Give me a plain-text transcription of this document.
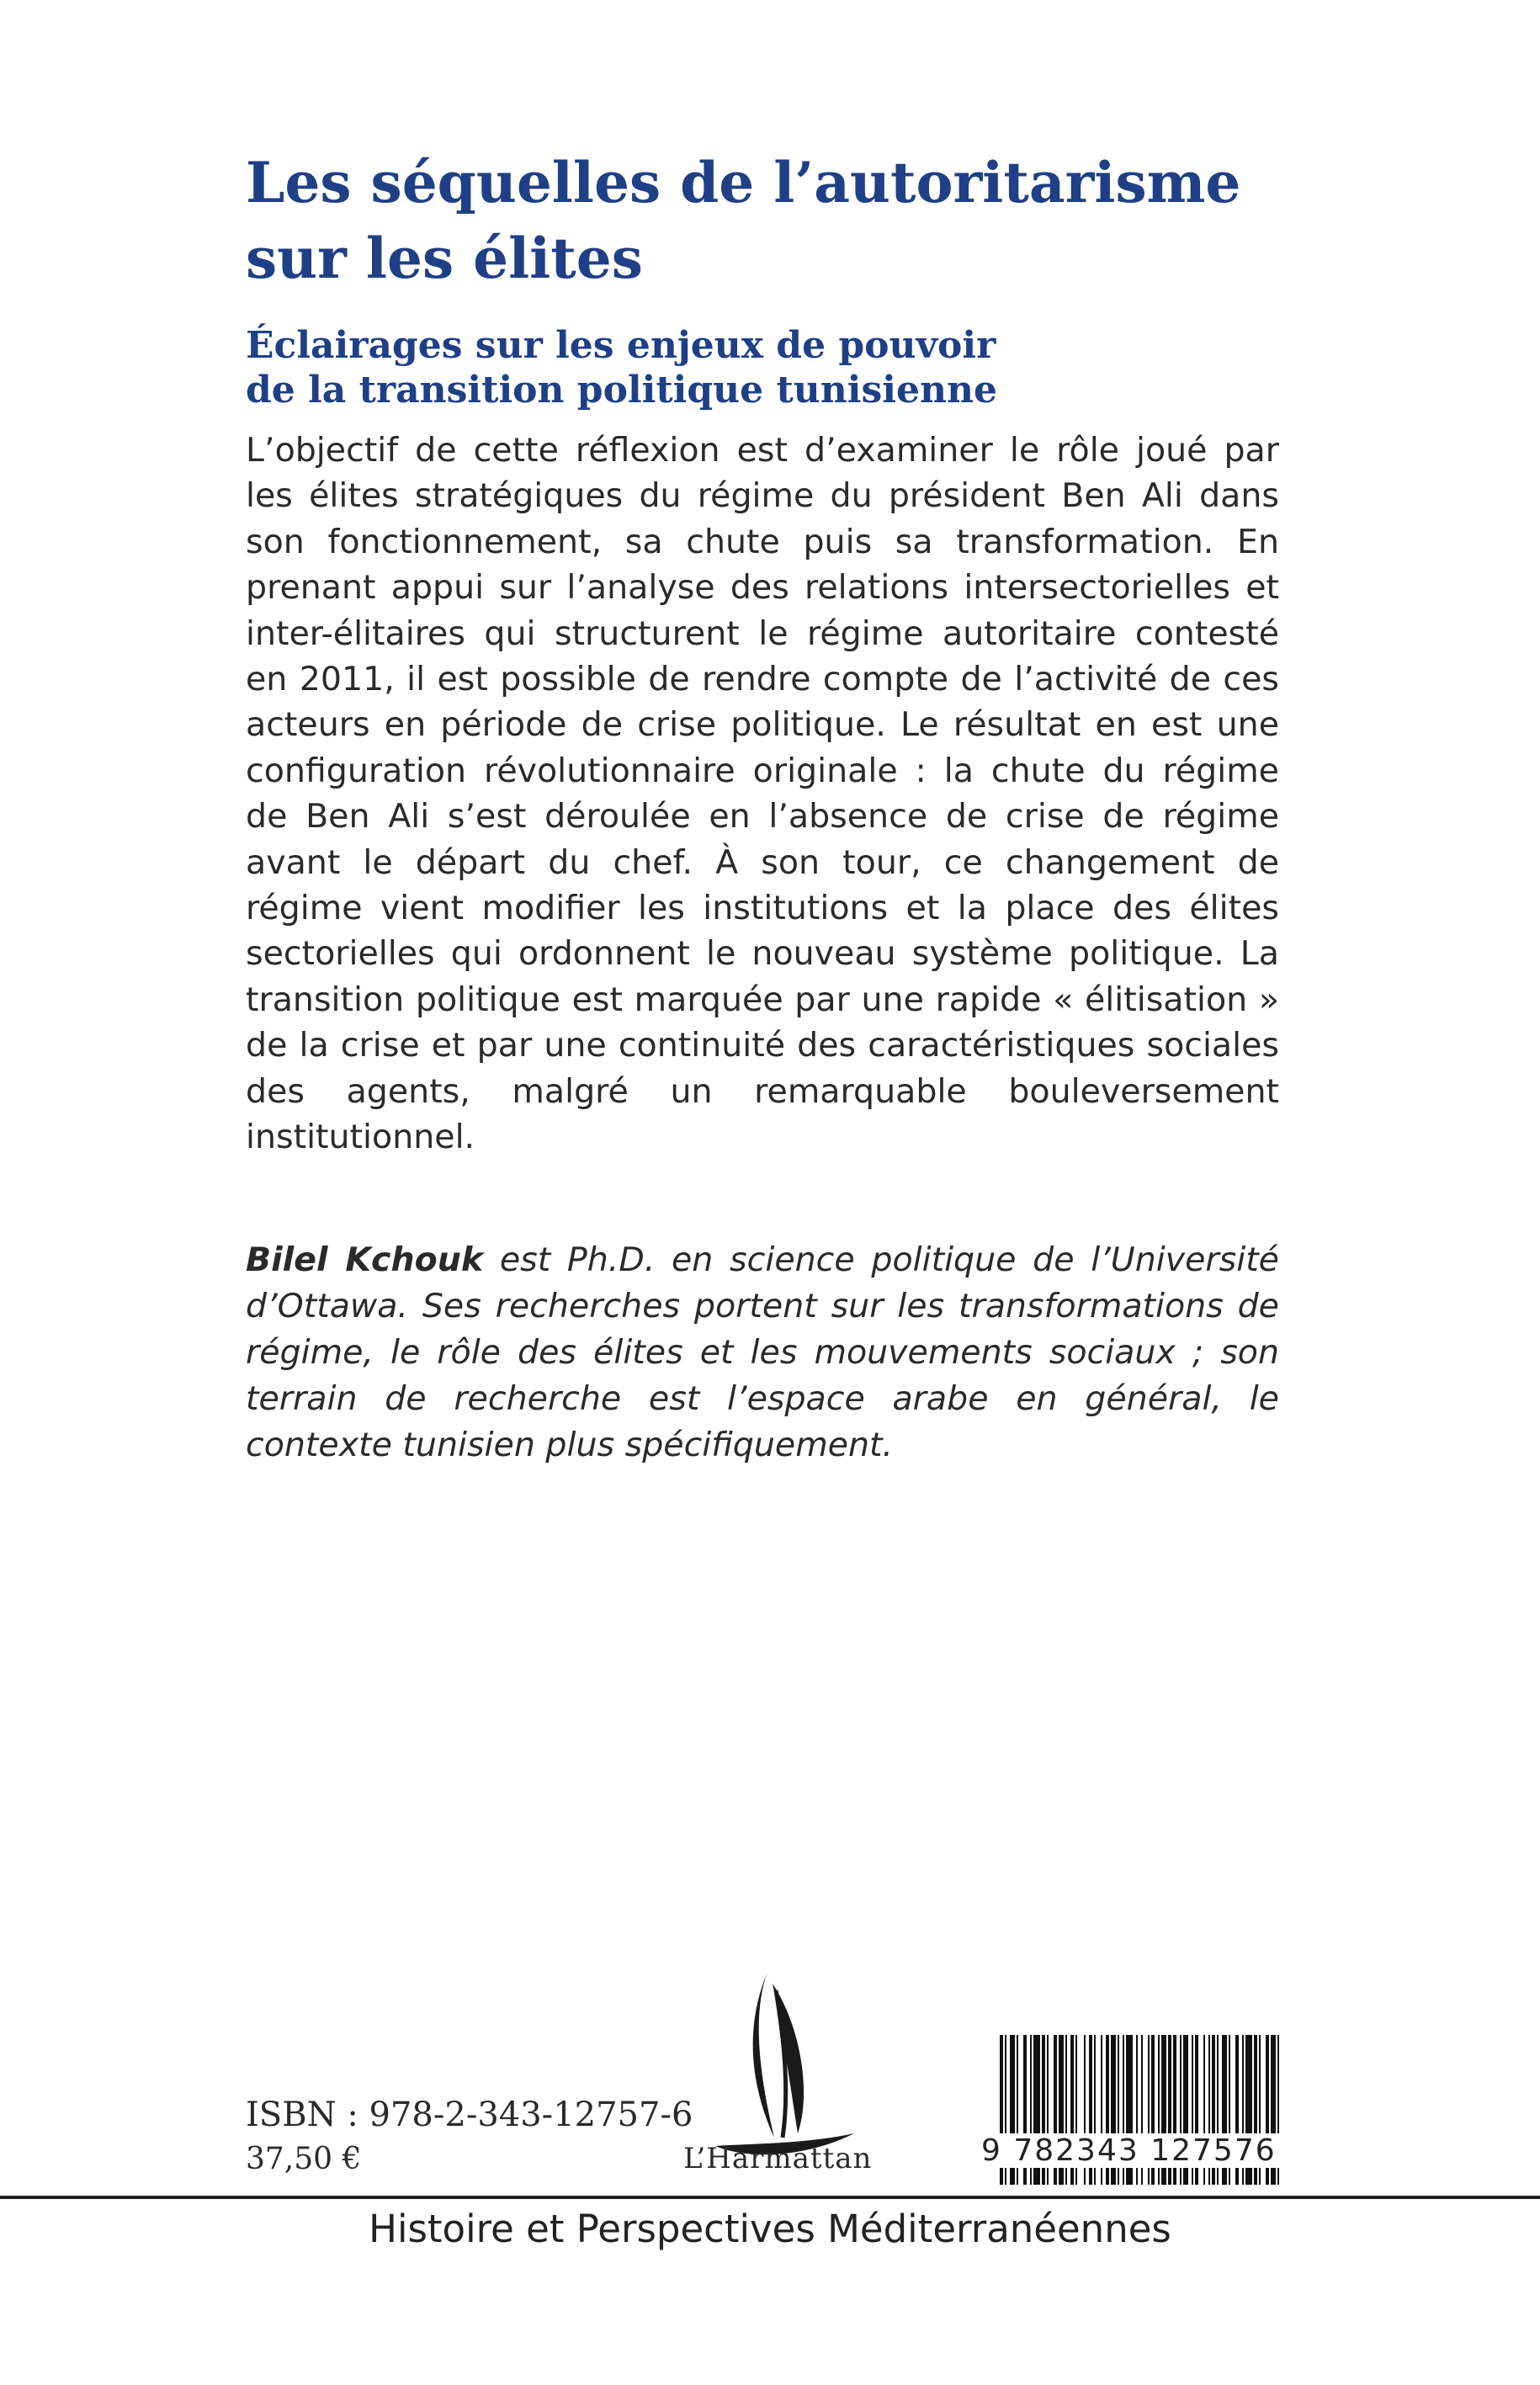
Les séquelles de l’autoritarisme
sur les élites
Éclairages sur les enjeux de pouvoir
de la transition politique tunisienne

L’objectif de cette réflexion est d’examiner le rôle joué par les élites stratégiques du régime du président Ben Ali dans son fonctionnement, sa chute puis sa transformation. En prenant appui sur l’analyse des relations intersectorielles et inter-élitaires qui structurent le régime autoritaire contesté en 2011, il est possible de rendre compte de l’activité de ces acteurs en période de crise politique. Le résultat en est une configuration révolutionnaire originale : la chute du régime de Ben Ali s’est déroulée en l’absence de crise de régime avant le départ du chef. À son tour, ce changement de régime vient modifier les institutions et la place des élites sectorielles qui ordonnent le nouveau système politique. La transition politique est marquée par une rapide « élitisation » de la crise et par une continuité des caractéristiques sociales des agents, malgré un remarquable bouleversement institutionnel.

Bilel Kchouk est Ph.D. en science politique de l’Université d’Ottawa. Ses recherches portent sur les transformations de régime, le rôle des élites et les mouvements sociaux ; son terrain de recherche est l’espace arabe en général, le contexte tunisien plus spécifiquement.

ISBN : 978-2-343-12757-6
37,50 €	L’Harmattan	9 782343 127576
Histoire et Perspectives Méditerranéennes
